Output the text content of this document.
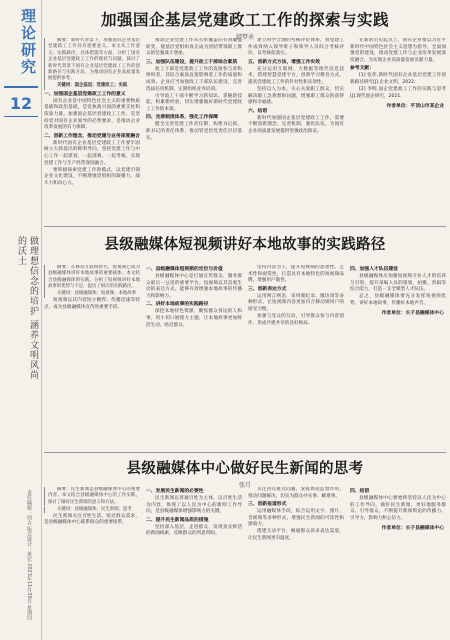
理论研究
12
做理想信念的培护 涵养文明风尚的沃土
责任编辑：周吉 版式设计：黄宏 2023年11月30日 星期四
加强国企基层党建政工工作的探索与实践
韩梦承

摘要：新时代背景下，加强国有企业基层党建政工工作具有重要意义。本文从工作意义、实践路径、具体措施等方面，分析了国有企业基层党建政工工作的现状与问题，探讨了新时代背景下国有企业基层党建政工工作的创新路径与实践方法，为推动国有企业高质量发展提供参考。

关键词：国企基层；党建政工；实践

一、加强国企基层党建政工工作的意义

国有企业是中国特色社会主义的重要物质基础和政治基础，是党执政兴国的重要支柱和依靠力量。加强国企基层党建政工工作，是坚持党对国有企业领导的必然要求，是推动企业改革发展的有力保障。

二、创新工作理念，推动党建与业务深度融合

新时代国有企业基层党建政工工作要牢固树立大抓基层的鲜明导向，坚持党建工作与中心工作一起谋划、一起部署、一起考核，实现党建工作与生产经营深度融合。

要积极探索党建工作新模式，以党建引领企业文化建设，不断增强党组织的凝聚力、战斗力和向心力。

推动企业党建工作从有形覆盖向有效覆盖转变，使基层党组织真正成为团结带领职工群众的坚强战斗堡垒。

三、加强队伍建设，提升政工干部综合素质

政工干部是党建政工工作的直接参与者和组织者，其综合素质直接影响着工作的质量和成效。企业应当加强政工干部队伍建设，完善选拔任用机制，定期组织业务培训。

引导政工干部不断学习新知识、掌握新技能、积累新经验，切实增强做好新时代党建政工工作的本领。

四、完善制度体系，强化工作保障

健全完善党建工作责任制，构建书记抓、抓书记的责任体系，推动管党治党责任层层落实。

建立科学合理的考核评价体系，将党建工作成效纳入领导班子和领导人员综合考核评价，以考核促落实。

五、创新方式方法，增强工作实效

充分运用互联网、大数据等现代信息技术，搭建智慧党建平台，创新学习教育方式，提高党建政工工作的针对性和实效性。

坚持以人为本，关心关爱职工群众，切实解决职工急难愁盼问题，增强职工群众的获得感和幸福感。

六、结语

新时代加强国企基层党建政工工作，需要不断创新理念、完善机制、强化队伍，为国有企业高质量发展提供坚强政治保证。

在新的历史起点上，国有企业要以习近平新时代中国特色社会主义思想为指导，全面加强党的建设，推动党建工作与企业改革发展深度融合，为实现企业高质量发展贡献力量。

参考文献：

[1] 张伟.新时代国有企业基层党建工作创新路径研究[J].企业文明，2022.

[2] 李明.国企党建政工工作的实践与思考[J].现代国企研究，2021.

作者单位：平顶山市某企业
县级融媒体短视频讲好本地故事的实践路径

摘要：在移动互联网时代，短视频已成为县级融媒体讲好本地故事的重要载体。本文结合县级融媒体的实践，分析了短视频讲好本地故事的优势与不足，提出了相应的实践路径。

关键词：县级融媒体；短视频；本地故事

短视频以其内容短小精悍、传播迅速等特点，成为县级融媒体宣传的重要手段。

一、县级融媒体短视频的定位与价值

县级融媒体中心是打通宣传群众、服务群众最后一公里的重要平台。短视频以其直观生动的表达方式，能够有效增强本地故事的传播力和影响力。

二、讲好本地故事的实践路径

深挖本地特色资源，聚焦群众身边的人和事，用小切口展现大主题，让本地故事更加鲜活生动、贴近群众。

坚持内容为王，提升短视频的思想性、艺术性和观赏性，打造具有本地特色的短视频品牌，增强用户黏性。

三、创新表达方式

运用网言网语，采用微纪录、微访谈等多种形式，让短视频内容更加符合移动端用户的接受习惯。

加强与受众的互动，引导群众参与内容创作，形成共建共享的良好格局。

四、加强人才队伍建设

县级融媒体应加强短视频专业人才的培养与引进，提升采编人员的策划、拍摄、剪辑等综合能力，打造一支全媒型人才队伍。

总之，县级融媒体要充分发挥短视频优势，讲好本地故事，传播好本地声音。

作者单位：长子县融媒体中心
县级融媒体中心做好民生新闻的思考
张月

摘要：民生新闻是县级融媒体中心的重要内容。本文结合县级融媒体中心的工作实践，探讨了做好民生新闻的意义和方法。

关键词：县级融媒体；民生新闻；思考

民生新闻关注百姓生活，贴近群众需求，是县级融媒体中心联系群众的重要纽带。

一、发展民生新闻的必要性

民生新闻以普通百姓为主体，以百姓生活为内容，体现了以人民为中心的新闻工作导向，是县级融媒体增强影响力的关键。

二、提升民生新闻品质的措施

坚持深入基层，走进群众，发现真实鲜活的新闻线索，反映群众的所思所盼。

关注热点难点问题，发挥舆论监督作用，推动问题解决，切实为群众办实事、解难事。

三、创新报道形式

运用融媒体手段，综合运用文字、图片、音视频等多种形式，增强民生新闻的可读性和感染力。

搭建互动平台，畅通群众诉求表达渠道，让民生新闻更有温度。

四、结语

县级融媒体中心要始终坚持以人民为中心的工作导向，做好民生新闻，更好地服务群众、引导群众，不断提升新闻舆论的传播力、引导力、影响力和公信力。

作者单位：长子县融媒体中心
